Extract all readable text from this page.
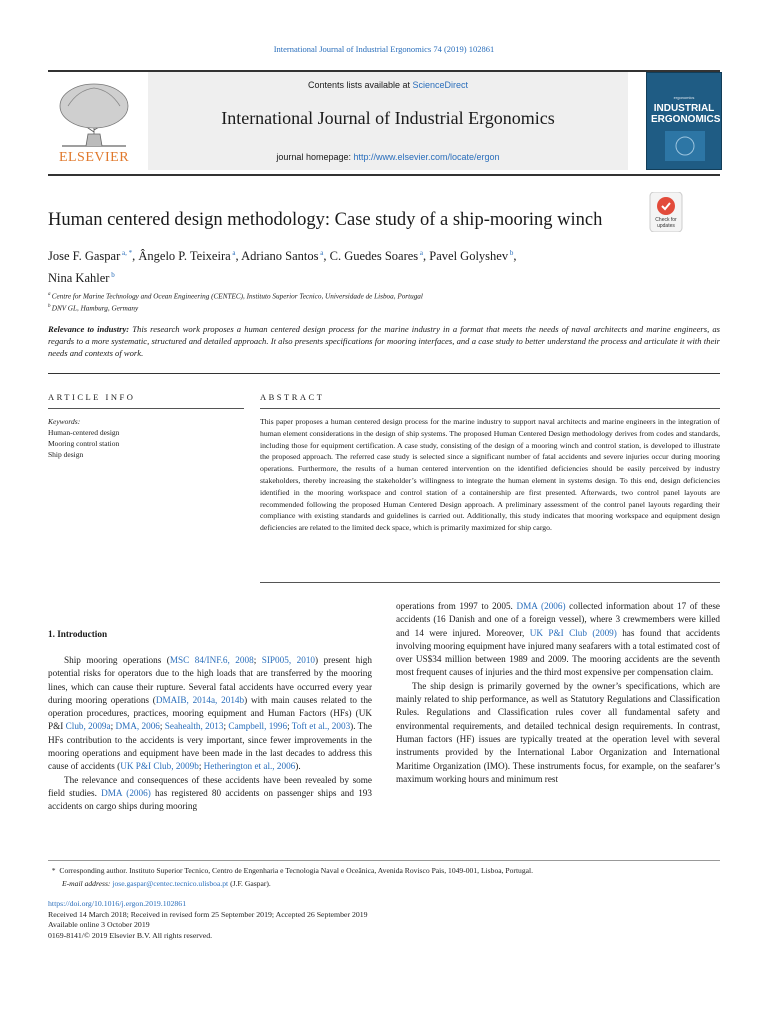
International Journal of Industrial Ergonomics 74 (2019) 102861
ELSEVIER
Contents lists available at ScienceDirect
International Journal of Industrial Ergonomics
journal homepage: http://www.elsevier.com/locate/ergon
ergonomics
INDUSTRIAL ERGONOMICS
Human centered design methodology: Case study of a ship-mooring winch	Check for updates
Jose F. Gaspar $^{a, *}$, Ângelo P. Teixeira $^a$, Adriano Santos $^a$, C. Guedes Soares $^a$, Pavel Golyshev $^b$,
Nina Kahler $^b$
$^a$ Centre for Marine Technology and Ocean Engineering (CENTEC), Instituto Superior Tecnico, Universidade de Lisboa, Portugal
$^b$ DNV GL, Hamburg, Germany
Relevance to industry: This research work proposes a human centered design process for the marine industry in a format that meets the needs of naval architects and marine engineers, as regards to a more systematic, structured and detailed approach. It also presents specifications for mooring interfaces, and a case study to better understand the process and articulate it with their needs and contexts of work.
ARTICLE INFO	ABSTRACT
Keywords:
Human-centered design
Mooring control station
Ship design
This paper proposes a human centered design process for the marine industry to support naval architects and marine engineers in the integration of human element considerations in the design of ship systems. The proposed Human Centered Design methodology derives from codes and standards, including those for equipment certification. A case study, consisting of the design of a mooring winch and control station, is developed to illustrate the proposed approach. The referred case study is selected since a significant number of fatal accidents and severe injuries occur during mooring operations. Furthermore, the results of a human centered intervention on the identified deficiencies should be easily perceived by industry stakeholders, thereby increasing the stakeholder’s willingness to integrate the human element in systems design. To this end, design deficiencies identified in the mooring workspace and control station of a containership are first presented. Afterwards, two control panel layouts are recommended following the proposed Human Centered Design approach. A preliminary assessment of the control panel layouts regarding their compliance with existing standards and guidelines is carried out. Additionally, this study indicates that mooring workspace and equipment design deficiencies are related to the limited deck space, which is primarily maximized for ship cargo.
1. Introduction

Ship mooring operations (MSC 84/INF.6, 2008; SIP005, 2010) present high potential risks for operators due to the high loads that are transferred by the mooring lines, which can cause their rupture. Several fatal accidents have occurred every year during mooring operations (DMAIB, 2014a, 2014b) with main causes related to the operation procedures, practices, mooring equipment and Human Factors (HFs) (UK P&I Club, 2009a; DMA, 2006; Seahealth, 2013; Campbell, 1996; Toft et al., 2003). The HFs contribution to the accidents is very important, since fewer improvements in the mooring operations and equipment have been made in the last decades to address this cause of accidents (UK P&I Club, 2009b; Hetherington et al., 2006).

The relevance and consequences of these accidents have been revealed by some field studies. DMA (2006) has registered 80 accidents on passenger ships and 193 accidents on cargo ships during mooring

operations from 1997 to 2005. DMA (2006) collected information about 17 of these accidents (16 Danish and one of a foreign vessel), where 3 crewmembers were killed and 14 were injured. Moreover, UK P&I Club (2009) has found that accidents involving mooring equipment have injured many seafarers with a total estimated cost of over US$34 million between 1989 and 2009. The mooring accidents are the seventh most frequent causes of injuries and the third most expensive per compensation claim.

The ship design is primarily governed by the owner’s specifications, which are mainly related to ship performance, as well as Statutory Regulations and Classification Rules. Regulations and Classification rules cover all fundamental safety and environmental requirements, and detailed technical design requirements. In contrast, Human factors (HF) issues are typically treated at the operation level with several instruments provided by the International Labor Organization and International Maritime Organization (IMO). These instruments focus, for example, on the seafarer’s maximum working hours and minimum rest

*  Corresponding author. Instituto Superior Tecnico, Centro de Engenharia e Tecnologia Naval e Oceânica, Avenida Rovisco Pais, 1049-001, Lisboa, Portugal.
E-mail address: jose.gaspar@centec.tecnico.ulisboa.pt (J.F. Gaspar).
https://doi.org/10.1016/j.ergon.2019.102861
Received 14 March 2018; Received in revised form 25 September 2019; Accepted 26 September 2019
Available online 3 October 2019
0169-8141/© 2019 Elsevier B.V. All rights reserved.
